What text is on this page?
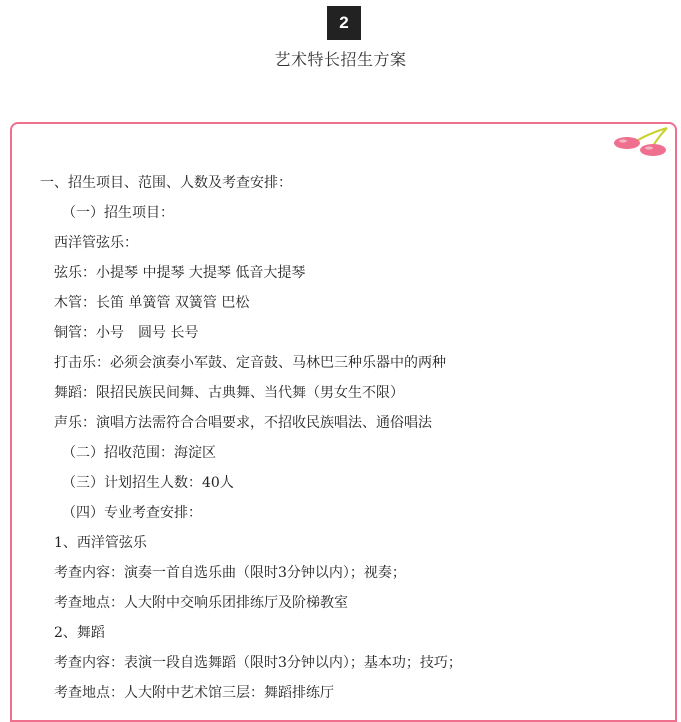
2
艺术特长招生方案
一、招生项目、范围、人数及考查安排：
（一）招生项目：
西洋管弦乐：
弦乐：小提琴 中提琴 大提琴 低音大提琴
木管：长笛 单簧管 双簧管 巴松
铜管：小号　圆号 长号
打击乐：必须会演奏小军鼓、定音鼓、马林巴三种乐器中的两种
舞蹈：限招民族民间舞、古典舞、当代舞（男女生不限）
声乐：演唱方法需符合合唱要求，不招收民族唱法、通俗唱法
（二）招收范围：海淀区
（三）计划招生人数：40人
（四）专业考查安排：
1、西洋管弦乐
考查内容：演奏一首自选乐曲（限时3分钟以内）；视奏；
考查地点：人大附中交响乐团排练厅及阶梯教室
2、舞蹈
考查内容：表演一段自选舞蹈（限时3分钟以内）；基本功；技巧；
考查地点：人大附中艺术馆三层：舞蹈排练厅
